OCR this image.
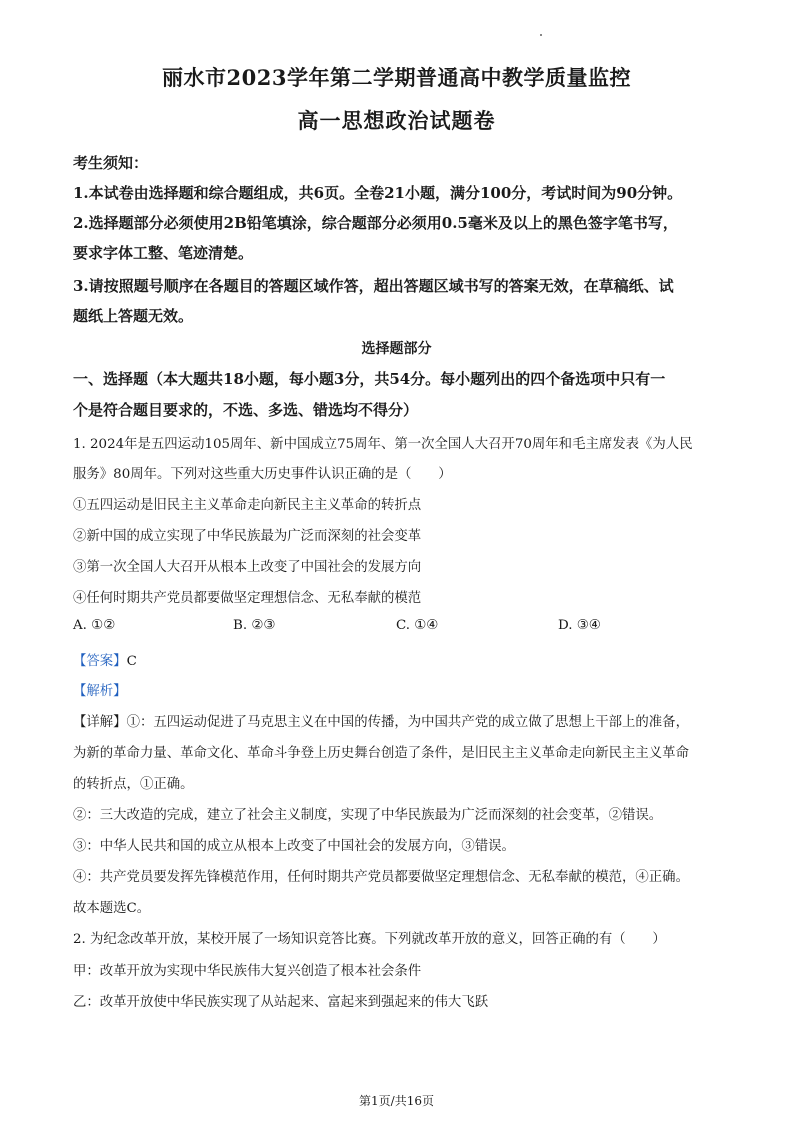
丽水市2023学年第二学期普通高中教学质量监控
高一思想政治试题卷
考生须知：
1.本试卷由选择题和综合题组成，共6页。全卷21小题，满分100分，考试时间为90分钟。
2.选择题部分必须使用2B铅笔填涂，综合题部分必须用0.5毫米及以上的黑色签字笔书写，
要求字体工整、笔迹清楚。
3.请按照题号顺序在各题目的答题区域作答，超出答题区域书写的答案无效，在草稿纸、试
题纸上答题无效。
选择题部分
一、选择题（本大题共18小题，每小题3分，共54分。每小题列出的四个备选项中只有一
个是符合题目要求的，不选、多选、错选均不得分）
1. 2024年是五四运动105周年、新中国成立75周年、第一次全国人大召开70周年和毛主席发表《为人民
服务》80周年。下列对这些重大历史事件认识正确的是（　　）
①五四运动是旧民主主义革命走向新民主主义革命的转折点
②新中国的成立实现了中华民族最为广泛而深刻的社会变革
③第一次全国人大召开从根本上改变了中国社会的发展方向
④任何时期共产党员都要做坚定理想信念、无私奉献的模范
A. ①②	B. ②③	C. ①④	D. ③④
【答案】C
【解析】
【详解】①：五四运动促进了马克思主义在中国的传播，为中国共产党的成立做了思想上干部上的准备，
为新的革命力量、革命文化、革命斗争登上历史舞台创造了条件，是旧民主主义革命走向新民主主义革命
的转折点，①正确。
②：三大改造的完成，建立了社会主义制度，实现了中华民族最为广泛而深刻的社会变革，②错误。
③：中华人民共和国的成立从根本上改变了中国社会的发展方向，③错误。
④：共产党员要发挥先锋模范作用，任何时期共产党员都要做坚定理想信念、无私奉献的模范，④正确。
故本题选C。
2. 为纪念改革开放，某校开展了一场知识竞答比赛。下列就改革开放的意义，回答正确的有（　　）
甲：改革开放为实现中华民族伟大复兴创造了根本社会条件
乙：改革开放使中华民族实现了从站起来、富起来到强起来的伟大飞跃
第1页/共16页
